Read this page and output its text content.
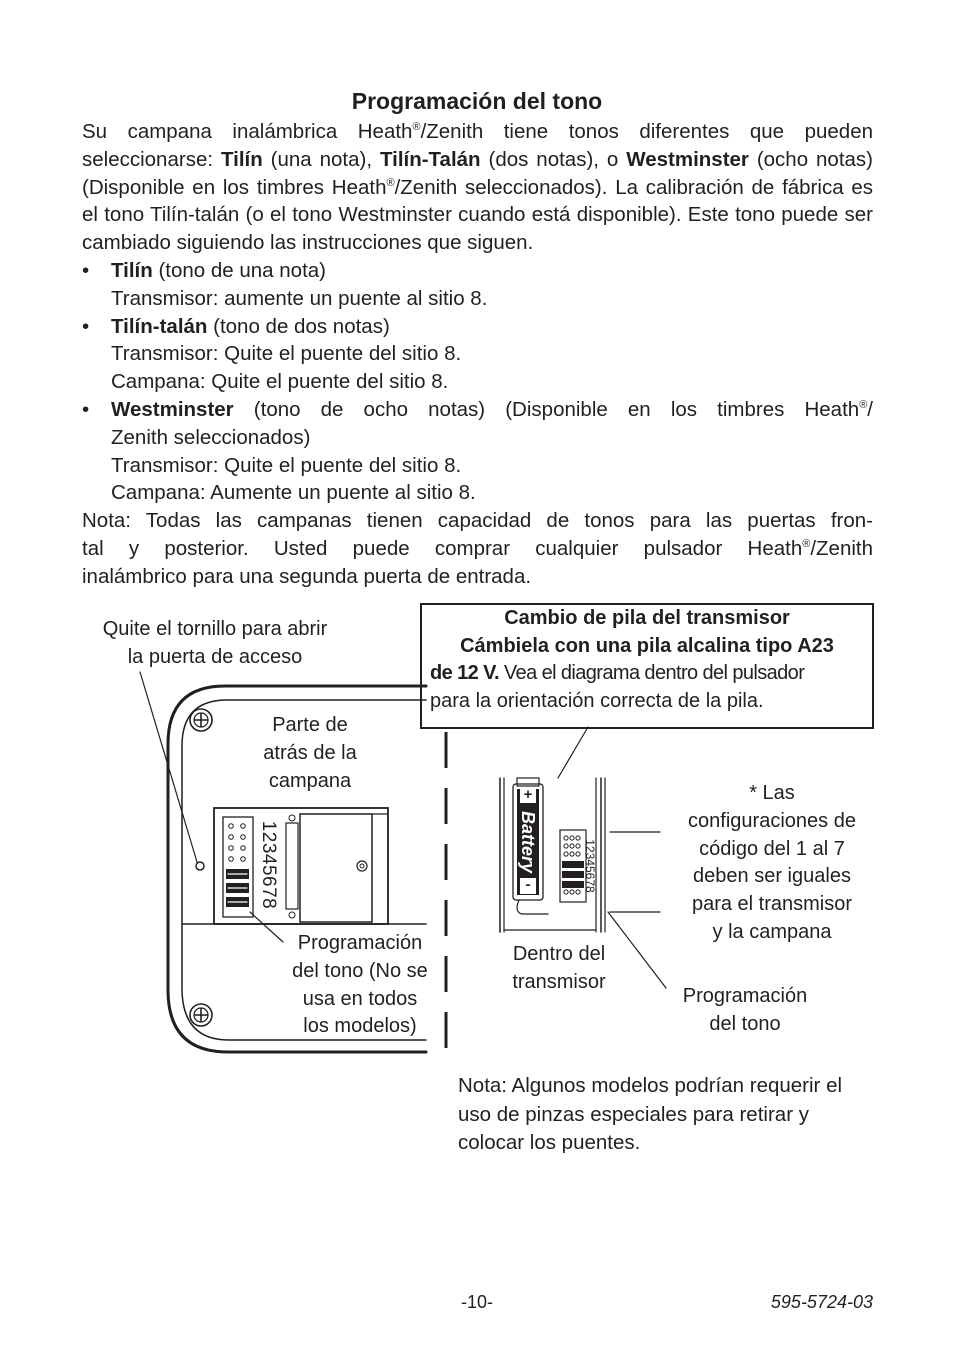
Programación del tono

Su campana inalámbrica Heath®/Zenith tiene tonos diferentes que pueden seleccionarse: Tilín (una nota), Tilín-Talán (dos notas), o Westminster (ocho notas) (Disponible en los timbres Heath®/Zenith seleccionados). La calibración de fábrica es el tono Tilín-talán (o el tono Westminster cuando está disponible). Este tono puede ser cambiado siguiendo las instrucciones que siguen.

• Tilín (tono de una nota)

Transmisor: aumente un puente al sitio 8.

• Tilín-talán (tono de dos notas)

Transmisor: Quite el puente del sitio 8.

Campana: Quite el puente del sitio 8.

• Westminster (tono de ocho notas) (Disponible en los timbres Heath®/

Zenith seleccionados)

Transmisor: Quite el puente del sitio 8.

Campana: Aumente un puente al sitio 8.

Nota: Todas las campanas tienen capacidad de tonos para las puertas fron-

tal y posterior. Usted puede comprar cualquier pulsador Heath®/Zenith

inalámbrico para una segunda puerta de entrada.

+
-
Battery
12345678	12345678
Quite el tornillo para abrir
la puerta de acceso
Parte de
atrás de la
campana
Programación
del tono (No se
usa en todos
los modelos)
Cambio de pila del transmisor
Cámbiela con una pila alcalina tipo A23
de 12 V. Vea el diagrama dentro del pulsador
para la orientación correcta de la pila.
* Las
configuraciones de
código del 1 al 7
deben ser iguales
para el transmisor
y la campana
Dentro del
transmisor
Programación
del tono
Nota: Algunos modelos podrían requerir el uso de pinzas especiales para retirar y colocar los puentes.
-10-	595-5724-03
